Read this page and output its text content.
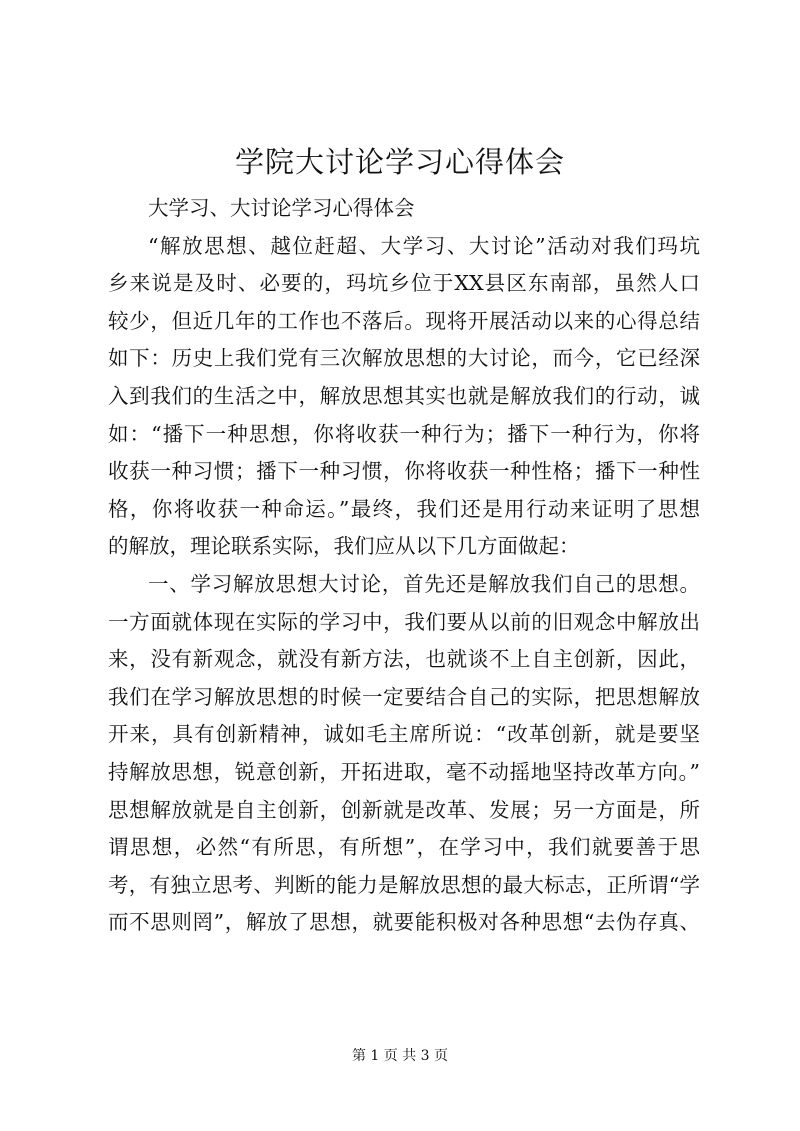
学院大讨论学习心得体会
大学习、大讨论学习心得体会
“解放思想、越位赶超、大学习、大讨论”活动对我们玛坑
乡来说是及时、必要的，玛坑乡位于XX县区东南部，虽然人口
较少，但近几年的工作也不落后。现将开展活动以来的心得总结
如下：历史上我们党有三次解放思想的大讨论，而今，它已经深
入到我们的生活之中，解放思想其实也就是解放我们的行动，诚
如：“播下一种思想，你将收获一种行为；播下一种行为，你将
收获一种习惯；播下一种习惯，你将收获一种性格；播下一种性
格，你将收获一种命运。”最终，我们还是用行动来证明了思想
的解放，理论联系实际，我们应从以下几方面做起：
一、学习解放思想大讨论，首先还是解放我们自己的思想。
一方面就体现在实际的学习中，我们要从以前的旧观念中解放出
来，没有新观念，就没有新方法，也就谈不上自主创新，因此，
我们在学习解放思想的时候一定要结合自己的实际，把思想解放
开来，具有创新精神，诚如毛主席所说：“改革创新，就是要坚
持解放思想，锐意创新，开拓进取，毫不动摇地坚持改革方向。”
思想解放就是自主创新，创新就是改革、发展；另一方面是，所
谓思想，必然“有所思，有所想”，在学习中，我们就要善于思
考，有独立思考、判断的能力是解放思想的最大标志，正所谓“学
而不思则罔”，解放了思想，就要能积极对各种思想“去伪存真、
第 1 页 共 3 页
